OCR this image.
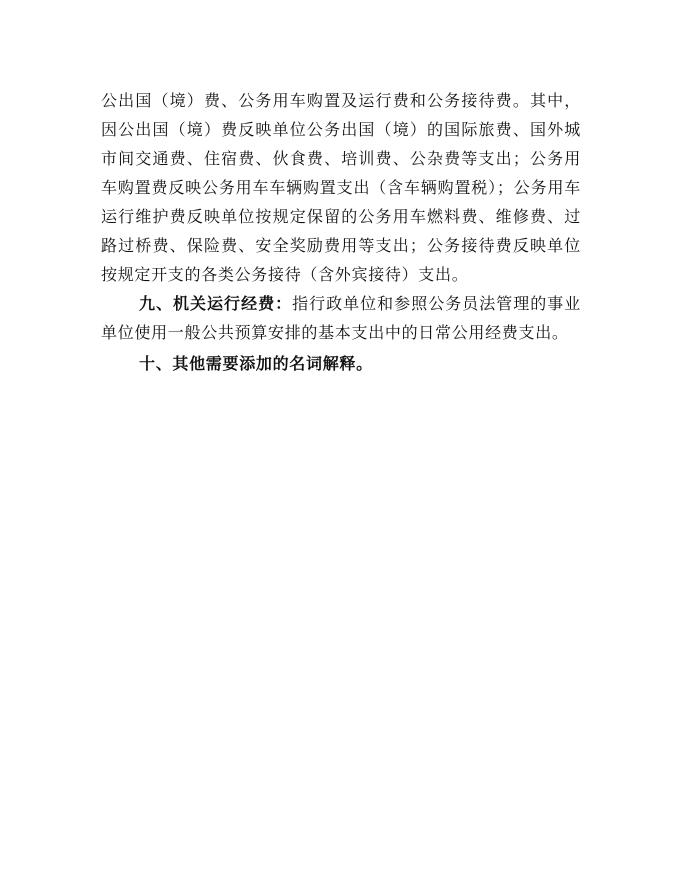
公出国（境）费、公务用车购置及运行费和公务接待费。其中，因公出国（境）费反映单位公务出国（境）的国际旅费、国外城市间交通费、住宿费、伙食费、培训费、公杂费等支出；公务用车购置费反映公务用车车辆购置支出（含车辆购置税）；公务用车运行维护费反映单位按规定保留的公务用车燃料费、维修费、过路过桥费、保险费、安全奖励费用等支出；公务接待费反映单位按规定开支的各类公务接待（含外宾接待）支出。

九、机关运行经费：指行政单位和参照公务员法管理的事业单位使用一般公共预算安排的基本支出中的日常公用经费支出。

十、其他需要添加的名词解释。
